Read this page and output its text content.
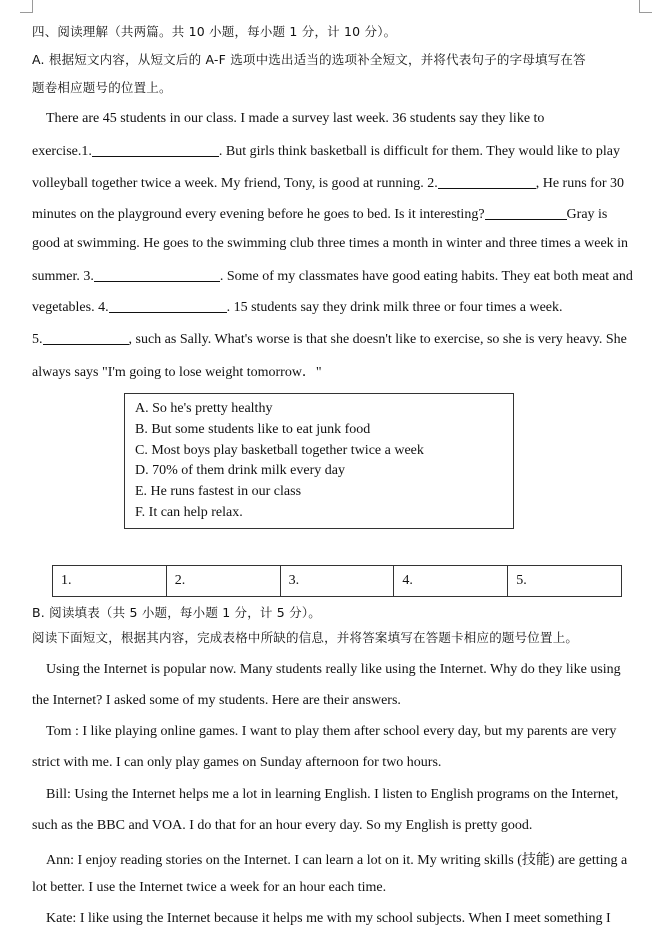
四、阅读理解（共两篇。共 10 小题，每小题 1 分，计 10 分）。
A. 根据短文内容，从短文后的 A-F 选项中选出适当的选项补全短文，并将代表句子的字母填写在答
题卷相应题号的位置上。
There are 45 students in our class. I made a survey last week. 36 students say they like to
exercise.1.	. But girls think basketball is difficult for them. They would like to play
volleyball together twice a week. My friend, Tony, is good at running. 2.	, He runs for 30
minutes on the playground every evening before he goes to bed. Is it interesting?	Gray is
good at swimming. He goes to the swimming club three times a month in winter and three times a week in
summer. 3.	. Some of my classmates have good eating habits. They eat both meat and
vegetables. 4.	. 15 students say they drink milk three or four times a week.
5.	, such as Sally. What's worse is that she doesn't like to exercise, so she is very heavy. She
always says "I'm going to lose weight tomorrow．"
A. So he's pretty healthy
B. But some students like to eat junk food
C. Most boys play basketball together twice a week
D. 70% of them drink milk every day
E. He runs fastest in our class
F. It can help relax.
1.	2.	3.	4.	5.
B. 阅读填表（共 5 小题，每小题 1 分，计 5 分）。
阅读下面短文，根据其内容，完成表格中所缺的信息，并将答案填写在答题卡相应的题号位置上。
Using the Internet is popular now. Many students really like using the Internet. Why do they like using
the Internet? I asked some of my students. Here are their answers.
Tom : I like playing online games. I want to play them after school every day, but my parents are very
strict with me. I can only play games on Sunday afternoon for two hours.
Bill: Using the Internet helps me a lot in learning English. I listen to English programs on the Internet,
such as the BBC and VOA. I do that for an hour every day. So my English is pretty good.
Ann: I enjoy reading stories on the Internet. I can learn a lot on it. My writing skills (技能) are getting a
lot better. I use the Internet twice a week for an hour each time.
Kate: I like using the Internet because it helps me with my school subjects. When I meet something I
